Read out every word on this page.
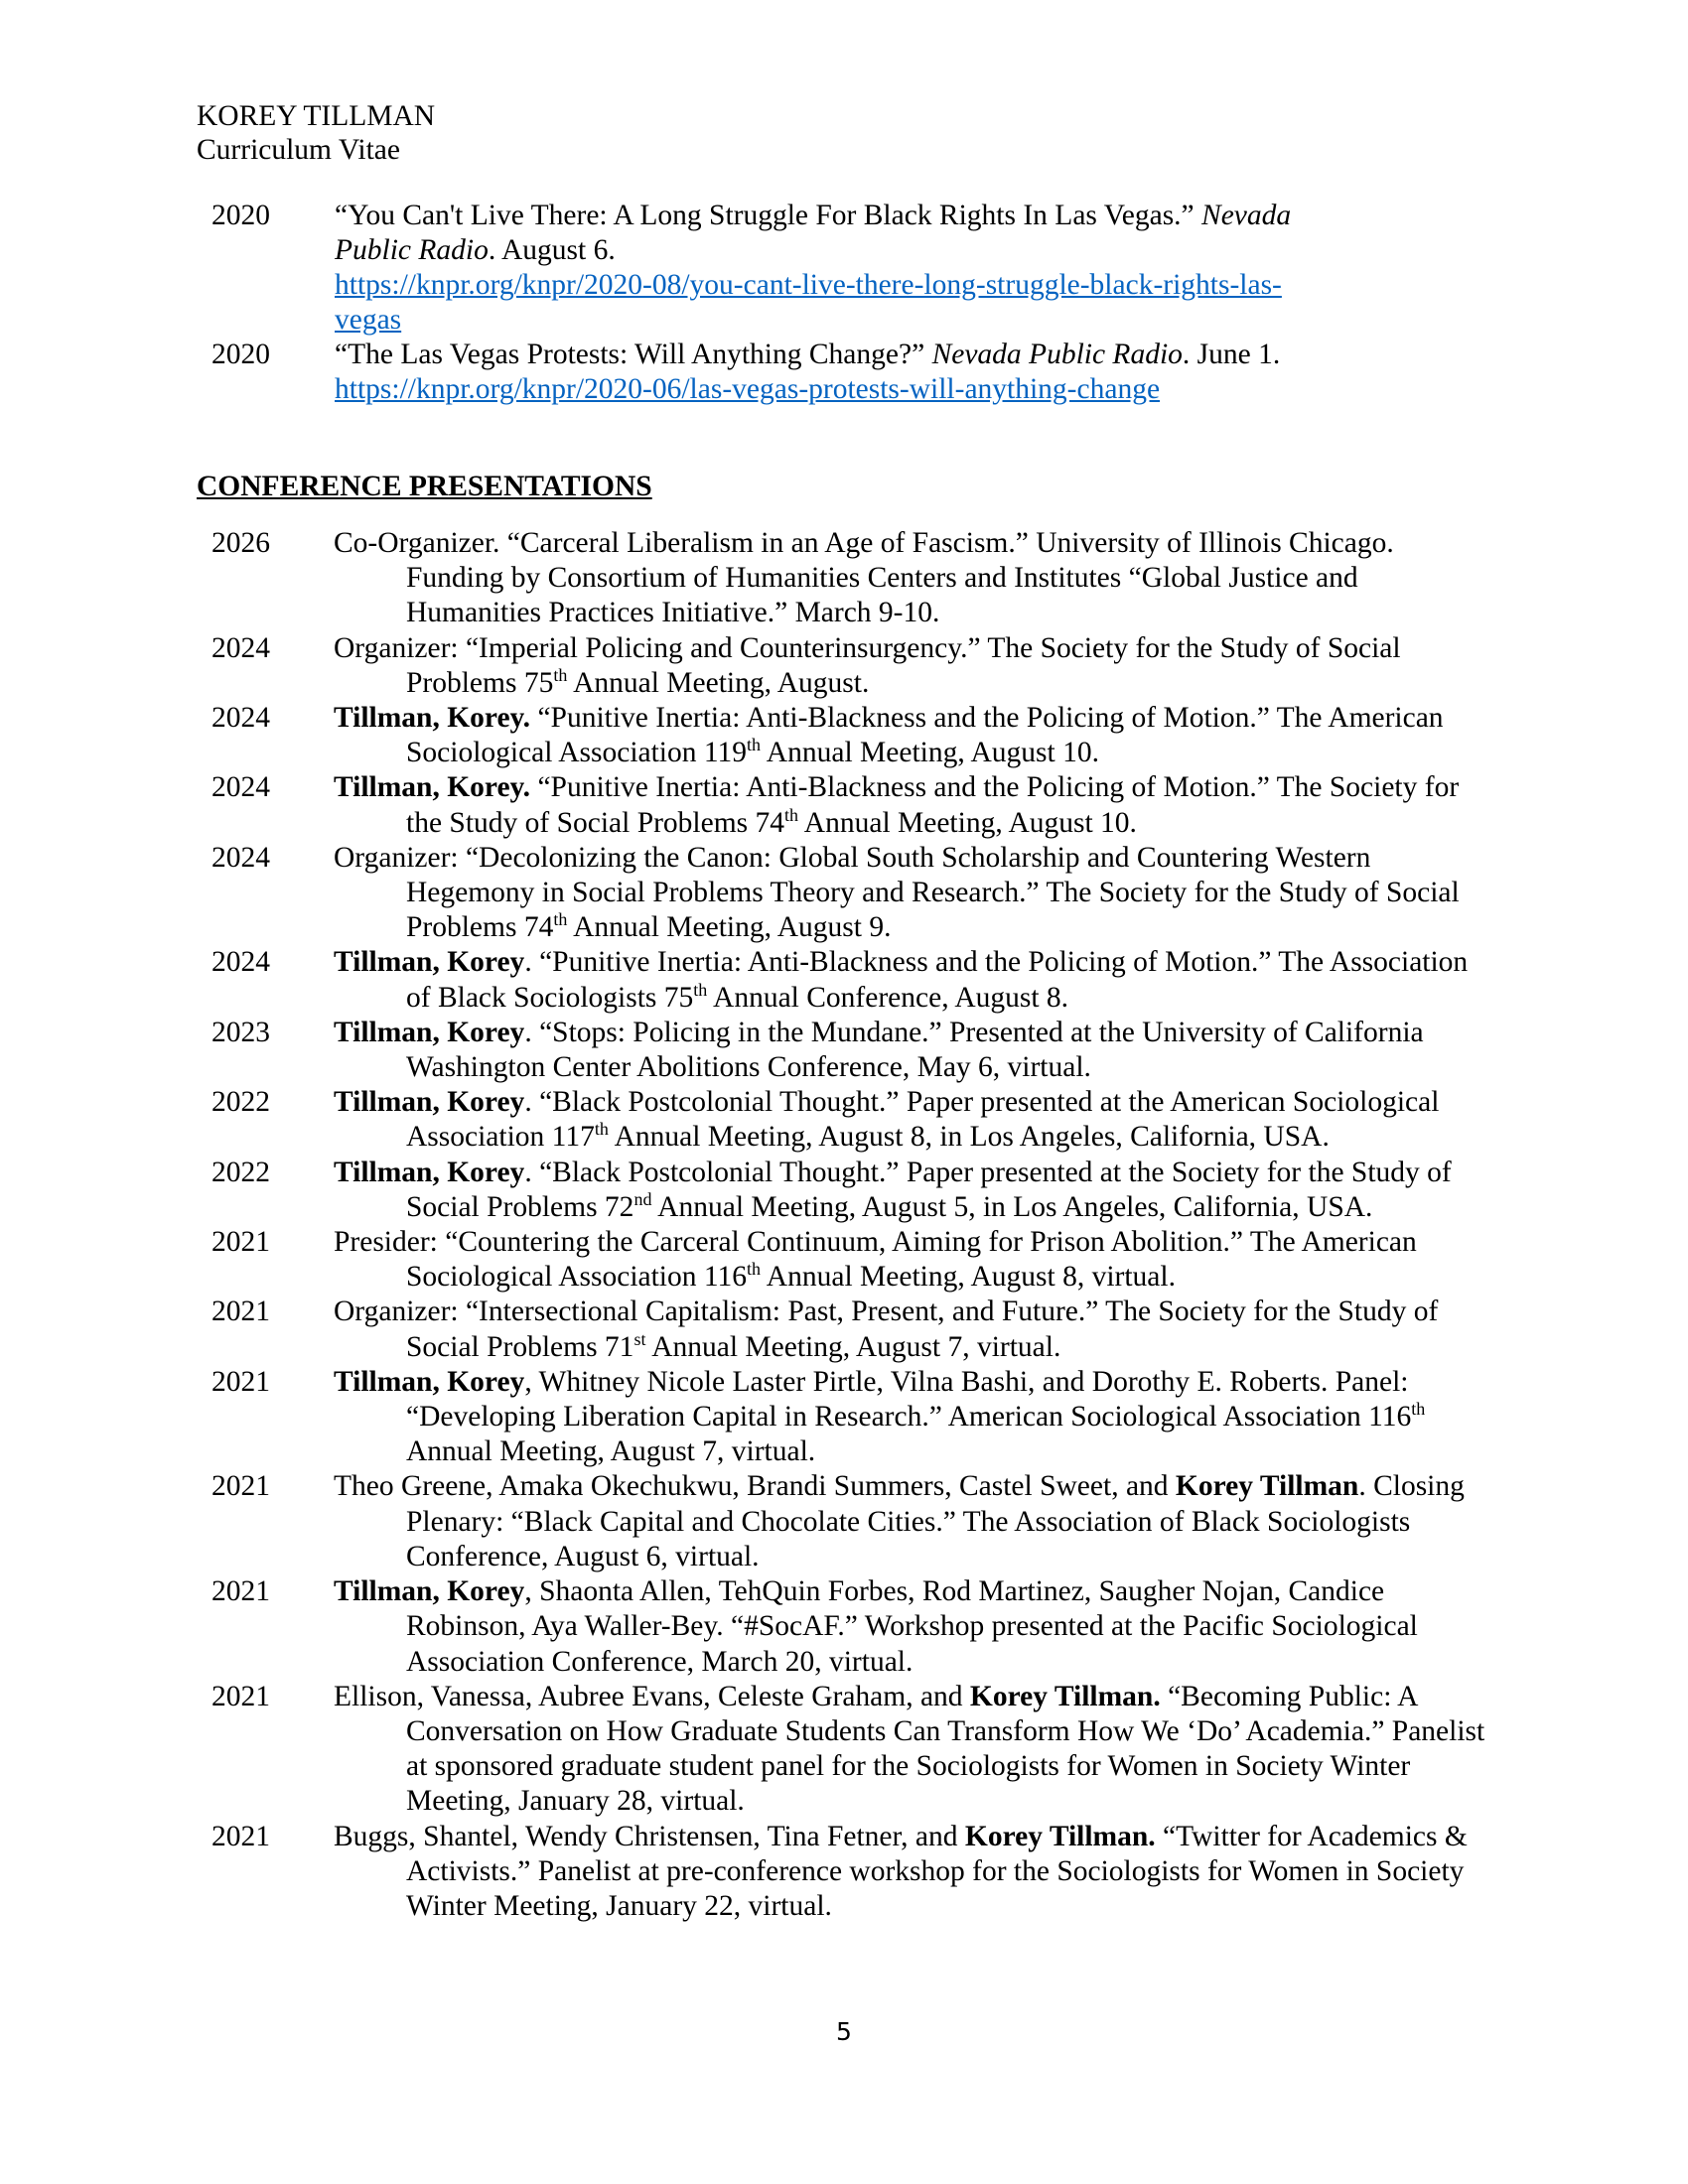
KOREY TILLMAN
Curriculum Vitae
2020	“You Can't Live There: A Long Struggle For Black Rights In Las Vegas.” Nevada Public Radio. August 6.
https://knpr.org/knpr/2020-08/you-cant-live-there-long-struggle-black-rights-las-
vegas
2020	“The Las Vegas Protests: Will Anything Change?” Nevada Public Radio. June 1.
https://knpr.org/knpr/2020-06/las-vegas-protests-will-anything-change
CONFERENCE PRESENTATIONS
2026 Co-Organizer. “Carceral Liberalism in an Age of Fascism.” University of Illinois Chicago. Funding by Consortium of Humanities Centers and Institutes “Global Justice and Humanities Practices Initiative.” March 9-10.
2024 Organizer: “Imperial Policing and Counterinsurgency.” The Society for the Study of Social Problems 75th Annual Meeting, August.
2024 Tillman, Korey. “Punitive Inertia: Anti-Blackness and the Policing of Motion.” The American Sociological Association 119th Annual Meeting, August 10.
2024 Tillman, Korey. “Punitive Inertia: Anti-Blackness and the Policing of Motion.” The Society for the Study of Social Problems 74th Annual Meeting, August 10.
2024 Organizer: “Decolonizing the Canon: Global South Scholarship and Countering Western Hegemony in Social Problems Theory and Research.” The Society for the Study of Social Problems 74th Annual Meeting, August 9.
2024 Tillman, Korey. “Punitive Inertia: Anti-Blackness and the Policing of Motion.” The Association of Black Sociologists 75th Annual Conference, August 8.
2023 Tillman, Korey. “Stops: Policing in the Mundane.” Presented at the University of California Washington Center Abolitions Conference, May 6, virtual.
2022 Tillman, Korey. “Black Postcolonial Thought.” Paper presented at the American Sociological Association 117th Annual Meeting, August 8, in Los Angeles, California, USA.
2022 Tillman, Korey. “Black Postcolonial Thought.” Paper presented at the Society for the Study of Social Problems 72nd Annual Meeting, August 5, in Los Angeles, California, USA.
2021 Presider: “Countering the Carceral Continuum, Aiming for Prison Abolition.” The American Sociological Association 116th Annual Meeting, August 8, virtual.
2021 Organizer: “Intersectional Capitalism: Past, Present, and Future.” The Society for the Study of Social Problems 71st Annual Meeting, August 7, virtual.
2021 Tillman, Korey, Whitney Nicole Laster Pirtle, Vilna Bashi, and Dorothy E. Roberts. Panel: “Developing Liberation Capital in Research.” American Sociological Association 116th Annual Meeting, August 7, virtual.
2021 Theo Greene, Amaka Okechukwu, Brandi Summers, Castel Sweet, and Korey Tillman. Closing Plenary: “Black Capital and Chocolate Cities.” The Association of Black Sociologists Conference, August 6, virtual.
2021 Tillman, Korey, Shaonta Allen, TehQuin Forbes, Rod Martinez, Saugher Nojan, Candice Robinson, Aya Waller-Bey. “#SocAF.” Workshop presented at the Pacific Sociological Association Conference, March 20, virtual.
2021 Ellison, Vanessa, Aubree Evans, Celeste Graham, and Korey Tillman. “Becoming Public: A Conversation on How Graduate Students Can Transform How We ‘Do’ Academia.” Panelist at sponsored graduate student panel for the Sociologists for Women in Society Winter Meeting, January 28, virtual.
2021 Buggs, Shantel, Wendy Christensen, Tina Fetner, and Korey Tillman. “Twitter for Academics & Activists.” Panelist at pre-conference workshop for the Sociologists for Women in Society Winter Meeting, January 22, virtual.
5
